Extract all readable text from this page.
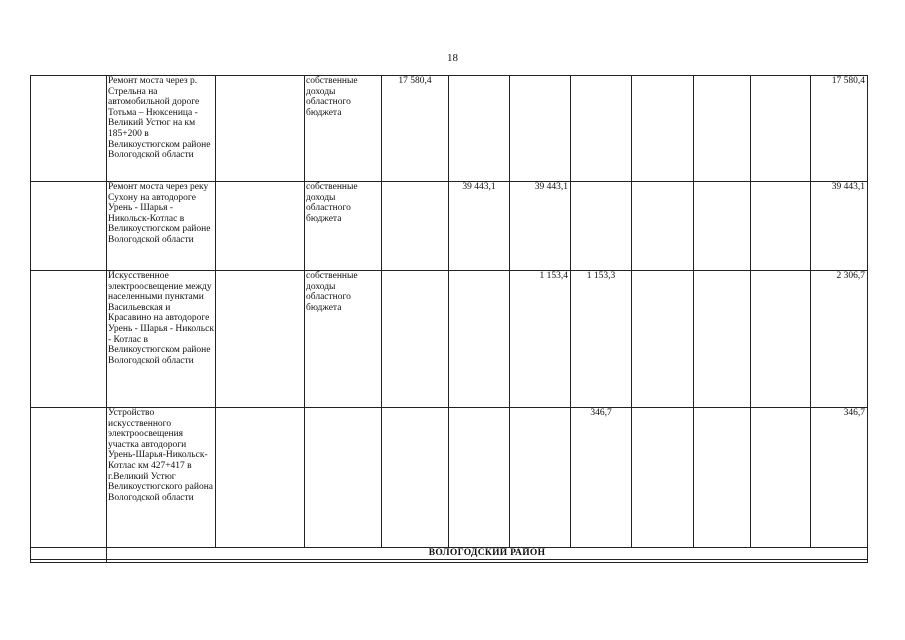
18
	Ремонт моста через р. Стрельна на автомобильной дороге Тотьма – Нюксеница - Великий Устюг на км 185+200 в Великоустюгском районе Вологодской области		собственные доходы областного бюджета	17 580,4							17 580,4
	Ремонт моста через реку Сухону на автодороге Урень - Шарья - Никольск-Котлас в Великоустюгском районе Вологодской области		собственные доходы областного бюджета		39 443,1	39 443,1					39 443,1
	Искусственное электроосвещение между населенными пунктами Васильевская и Красавино на автодороге Урень - Шарья - Никольск - Котлас в Великоустюгском районе Вологодской области		собственные доходы областного бюджета			1 153,4	1 153,3				2 306,7
	Устройство искусственного электроосвещения участка автодороги Урень-Шарья-Никольск-Котлас км 427+417 в г.Великий Устюг Великоустюгского района Вологодской области						346,7				346,7
	ВОЛОГОДСКИЙ РАЙОН										
